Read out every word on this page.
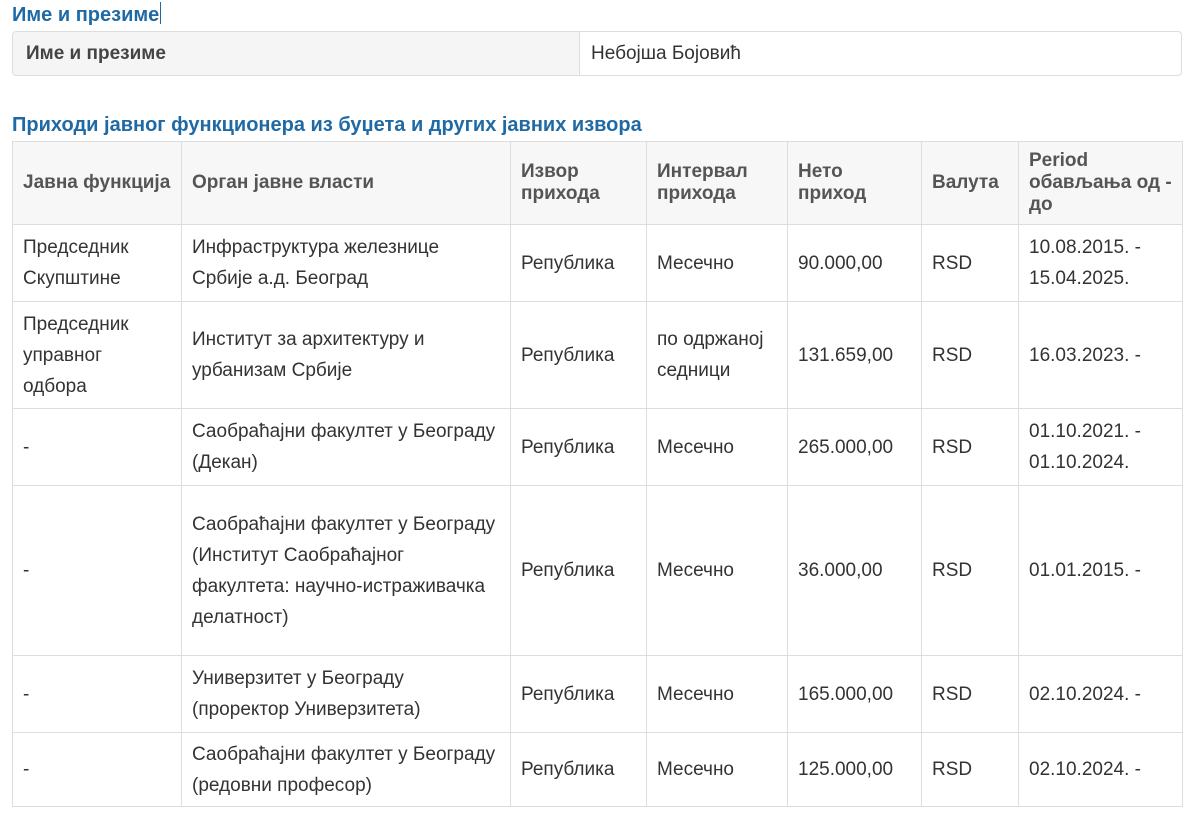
Име и презиме
Име и презиме	Небојша Бојовић
Приходи јавног функционера из буџета и других јавних извора
Јавна функција	Орган јавне власти	Извор прихода	Интервал прихода	Нето приход	Валута	Period обављања од - до
Председник Скупштине	Инфраструктура железнице Србије а.д. Београд	Република	Месечно	90.000,00	RSD	10.08.2015. - 15.04.2025.
Председник управног одбора	Институт за архитектуру и урбанизам Србије	Република	по одржаној седници	131.659,00	RSD	16.03.2023. -
-	Саобраћајни факултет у Београду (Декан)	Република	Месечно	265.000,00	RSD	01.10.2021. - 01.10.2024.
-	Саобраћајни факултет у Београду (Институт Саобраћајног факултета: научно-истраживачка делатност)	Република	Месечно	36.000,00	RSD	01.01.2015. -
-	Универзитет у Београду (проректор Универзитета)	Република	Месечно	165.000,00	RSD	02.10.2024. -
-	Саобраћајни факултет у Београду (редовни професор)	Република	Месечно	125.000,00	RSD	02.10.2024. -
